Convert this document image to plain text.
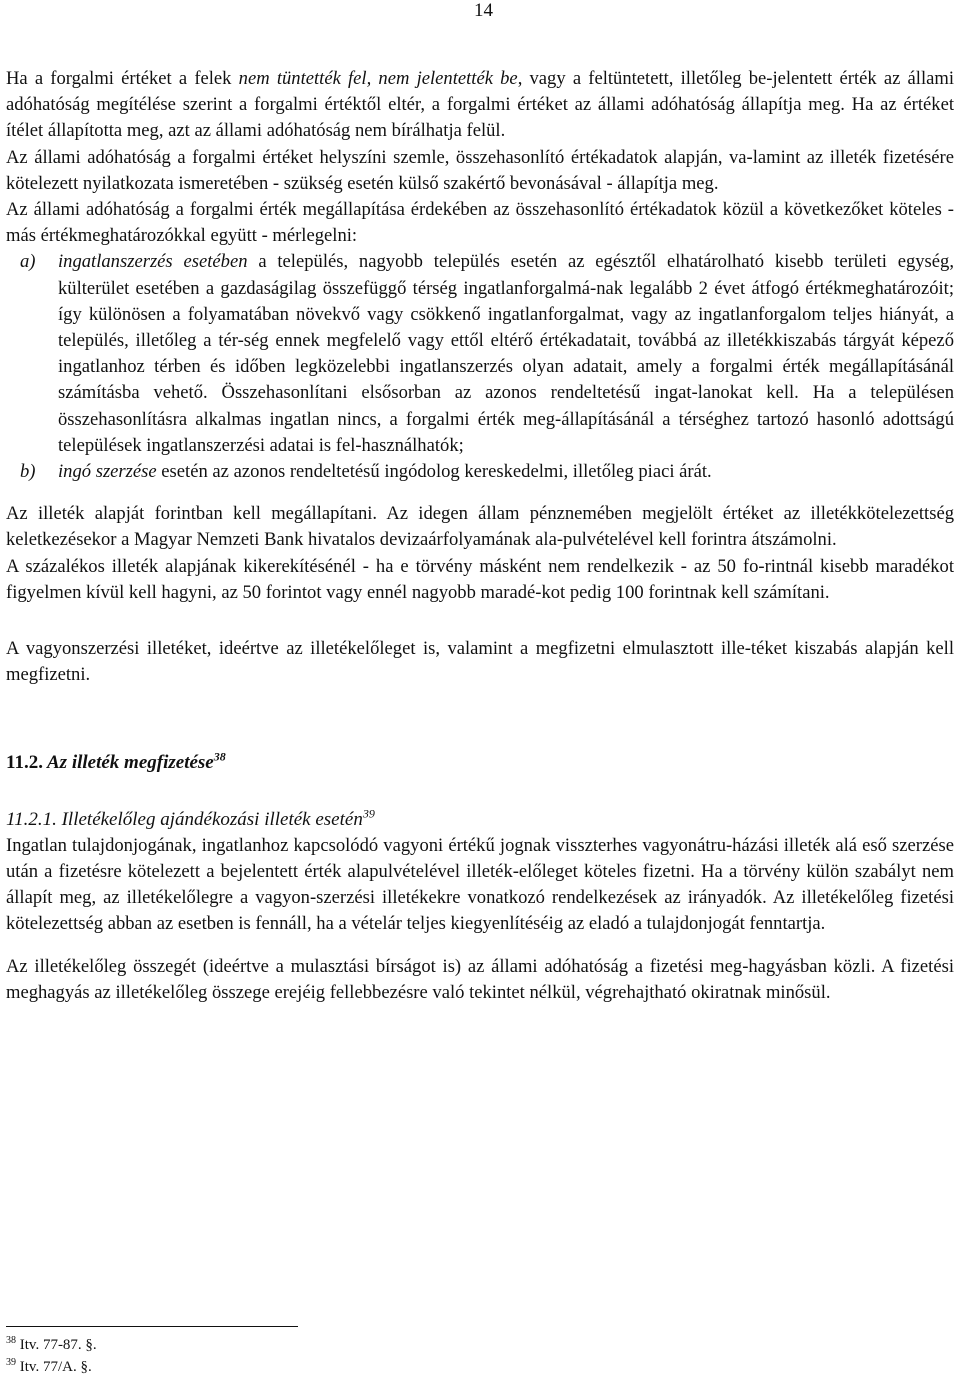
14

Ha a forgalmi értéket a felek nem tüntették fel, nem jelentették be, vagy a feltüntetett, illetőleg be-jelentett érték az állami adóhatóság megítélése szerint a forgalmi értéktől eltér, a forgalmi értéket az állami adóhatóság állapítja meg. Ha az értéket ítélet állapította meg, azt az állami adóhatóság nem bírálhatja felül.

Az állami adóhatóság a forgalmi értéket helyszíni szemle, összehasonlító értékadatok alapján, va-lamint az illeték fizetésére kötelezett nyilatkozata ismeretében - szükség esetén külső szakértő bevonásával - állapítja meg.

Az állami adóhatóság a forgalmi érték megállapítása érdekében az összehasonlító értékadatok közül a következőket köteles - más értékmeghatározókkal együtt - mérlegelni:

a)	ingatlanszerzés esetében a település, nagyobb település esetén az egésztől elhatárolható kisebb területi egység, külterület esetében a gazdaságilag összefüggő térség ingatlanforgalmá-nak legalább 2 évet átfogó értékmeghatározóit; így különösen a folyamatában növekvő vagy csökkenő ingatlanforgalmat, vagy az ingatlanforgalom teljes hiányát, a település, illetőleg a tér-ség ennek megfelelő vagy ettől eltérő értékadatait, továbbá az illetékkiszabás tárgyát képező ingatlanhoz térben és időben legközelebbi ingatlanszerzés olyan adatait, amely a forgalmi érték megállapításánál számításba vehető. Összehasonlítani elsősorban az azonos rendeltetésű ingat-lanokat kell. Ha a településen összehasonlításra alkalmas ingatlan nincs, a forgalmi érték meg-állapításánál a térséghez tartozó hasonló adottságú települések ingatlanszerzési adatai is fel-használhatók;
b)	ingó szerzése esetén az azonos rendeltetésű ingódolog kereskedelmi, illetőleg piaci árát.

Az illeték alapját forintban kell megállapítani. Az idegen állam pénznemében megjelölt értéket az illetékkötelezettség keletkezésekor a Magyar Nemzeti Bank hivatalos devizaárfolyamának ala-pulvételével kell forintra átszámolni.

A százalékos illeték alapjának kikerekítésénél - ha e törvény másként nem rendelkezik - az 50 fo-rintnál kisebb maradékot figyelmen kívül kell hagyni, az 50 forintot vagy ennél nagyobb maradé-kot pedig 100 forintnak kell számítani.

A vagyonszerzési illetéket, ideértve az illetékelőleget is, valamint a megfizetni elmulasztott ille-téket kiszabás alapján kell megfizetni.

11.2. Az illeték megfizetése$^{38}$

11.2.1. Illetékelőleg ajándékozási illeték esetén$^{39}$

Ingatlan tulajdonjogának, ingatlanhoz kapcsolódó vagyoni értékű jognak visszterhes vagyonátru-házási illeték alá eső szerzése után a fizetésre kötelezett a bejelentett érték alapulvételével illeték-előleget köteles fizetni. Ha a törvény külön szabályt nem állapít meg, az illetékelőlegre a vagyon-szerzési illetékekre vonatkozó rendelkezések az irányadók. Az illetékelőleg fizetési kötelezettség abban az esetben is fennáll, ha a vételár teljes kiegyenlítéséig az eladó a tulajdonjogát fenntartja.

Az illetékelőleg összegét (ideértve a mulasztási bírságot is) az állami adóhatóság a fizetési meg-hagyásban közli. A fizetési meghagyás az illetékelőleg összege erejéig fellebbezésre való tekintet nélkül, végrehajtható okiratnak minősül.

$^{38}$ Itv. 77-87. §.

$^{39}$ Itv. 77/A. §.
